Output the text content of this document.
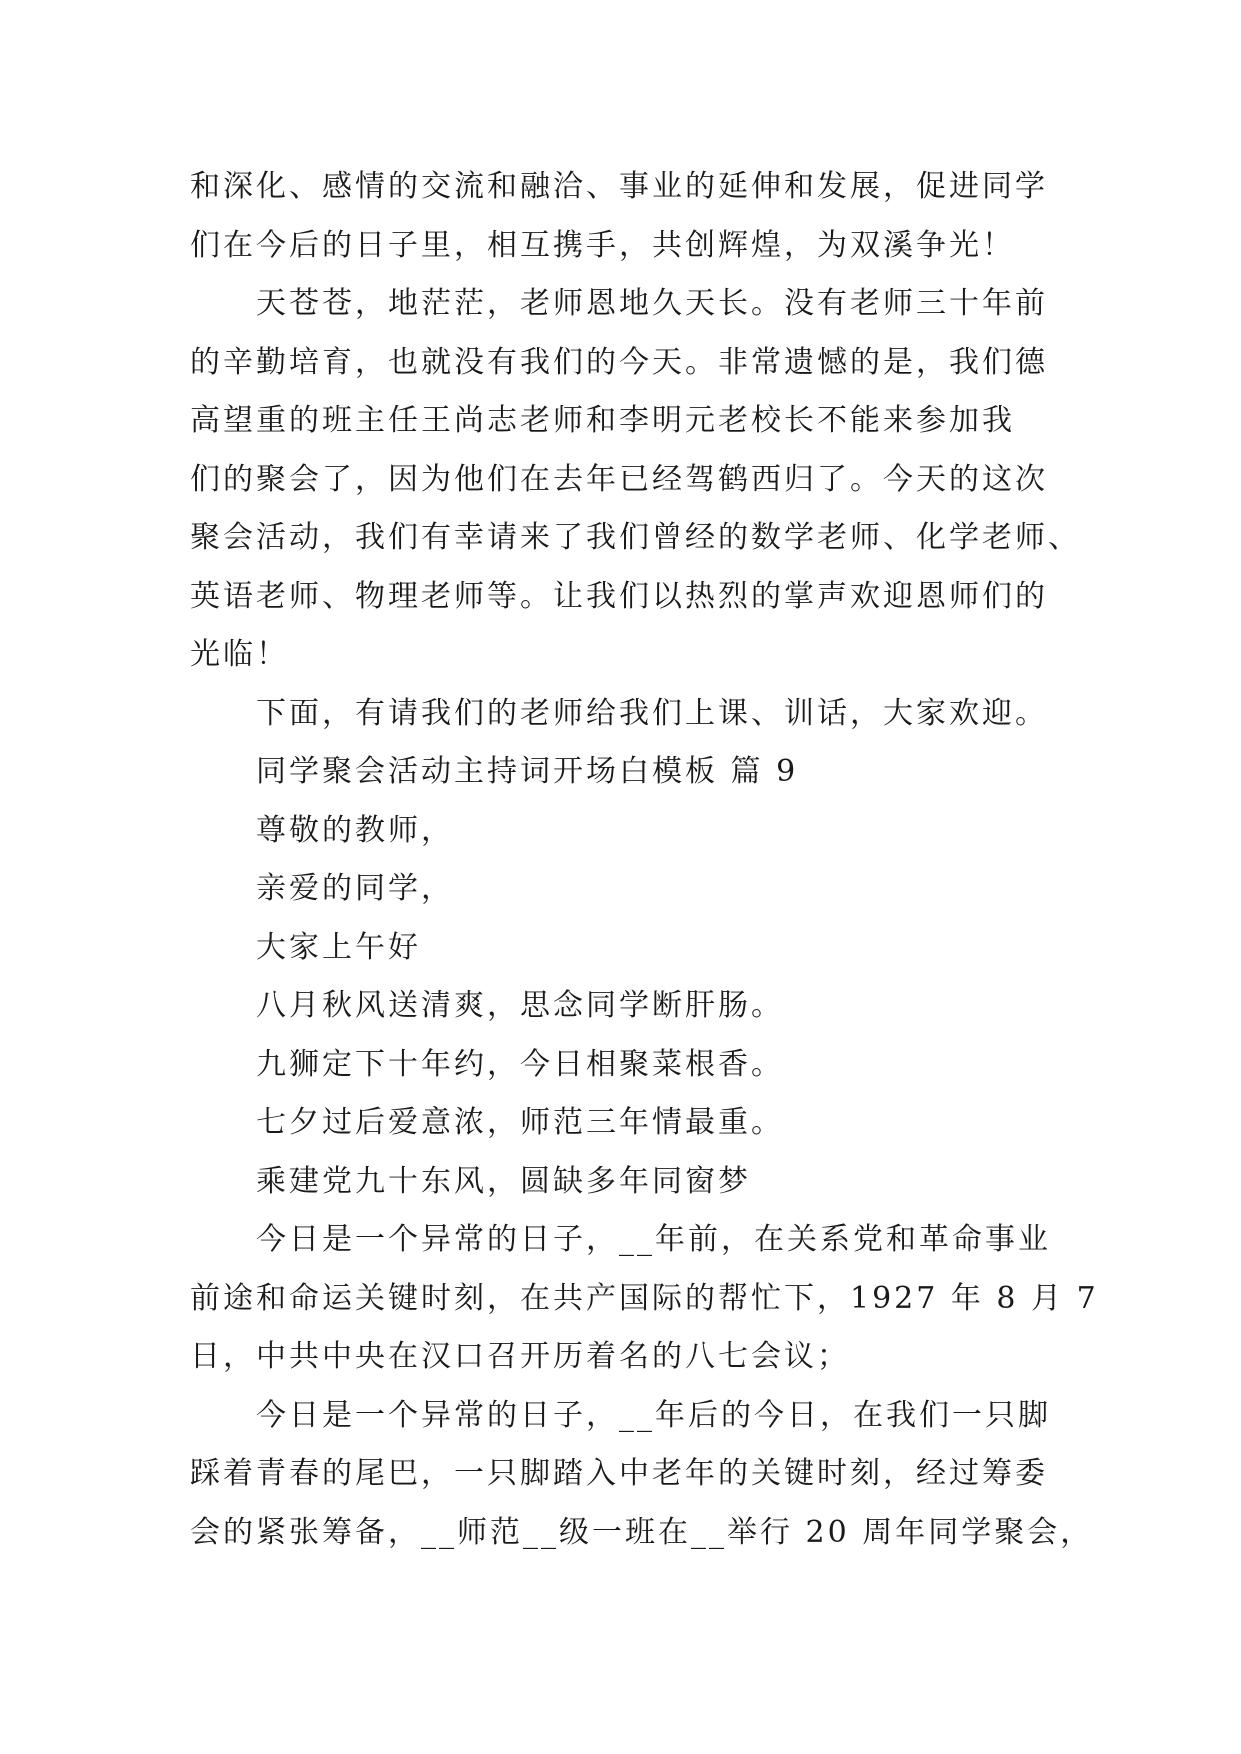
和深化、感情的交流和融洽、事业的延伸和发展，促进同学
们在今后的日子里，相互携手，共创辉煌，为双溪争光！
天苍苍，地茫茫，老师恩地久天长。没有老师三十年前
的辛勤培育，也就没有我们的今天。非常遗憾的是，我们德
高望重的班主任王尚志老师和李明元老校长不能来参加我
们的聚会了，因为他们在去年已经驾鹤西归了。今天的这次
聚会活动，我们有幸请来了我们曾经的数学老师、化学老师、
英语老师、物理老师等。让我们以热烈的掌声欢迎恩师们的
光临！
下面，有请我们的老师给我们上课、训话，大家欢迎。
同学聚会活动主持词开场白模板 篇 9
尊敬的教师，
亲爱的同学，
大家上午好
八月秋风送清爽，思念同学断肝肠。
九狮定下十年约，今日相聚菜根香。
七夕过后爱意浓，师范三年情最重。
乘建党九十东风，圆缺多年同窗梦
今日是一个异常的日子，__年前，在关系党和革命事业
前途和命运关键时刻，在共产国际的帮忙下，1927 年 8 月 7
日，中共中央在汉口召开历着名的八七会议；
今日是一个异常的日子，__年后的今日，在我们一只脚
踩着青春的尾巴，一只脚踏入中老年的关键时刻，经过筹委
会的紧张筹备，__师范__级一班在__举行 20 周年同学聚会，
